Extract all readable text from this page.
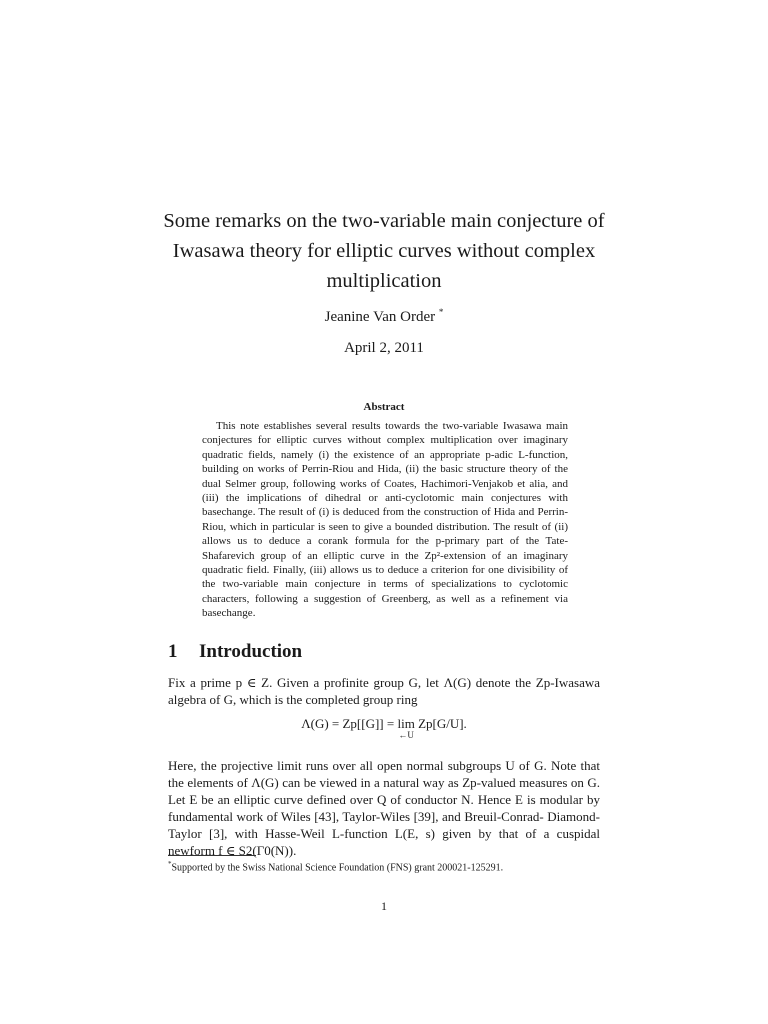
Some remarks on the two-variable main conjecture of Iwasawa theory for elliptic curves without complex multiplication
Jeanine Van Order *
April 2, 2011
Abstract

This note establishes several results towards the two-variable Iwasawa main conjectures for elliptic curves without complex multiplication over imaginary quadratic fields, namely (i) the existence of an appropriate p-adic L-function, building on works of Perrin-Riou and Hida, (ii) the basic structure theory of the dual Selmer group, following works of Coates, Hachimori-Venjakob et alia, and (iii) the implications of dihedral or anti-cyclotomic main conjectures with basechange. The result of (i) is deduced from the construction of Hida and Perrin-Riou, which in particular is seen to give a bounded distribution. The result of (ii) allows us to deduce a corank formula for the p-primary part of the Tate-Shafarevich group of an elliptic curve in the Zp²-extension of an imaginary quadratic field. Finally, (iii) allows us to deduce a criterion for one divisibility of the two-variable main conjecture in terms of specializations to cyclotomic characters, following a suggestion of Greenberg, as well as a refinement via basechange.

1 Introduction

Fix a prime p ∈ Z. Given a profinite group G, let Λ(G) denote the Zp-Iwasawa algebra of G, which is the completed group ring

Λ(G) = Zp[[G]] = lim
←U
Zp[G/U].

Here, the projective limit runs over all open normal subgroups U of G. Note that the elements of Λ(G) can be viewed in a natural way as Zp-valued measures on G. Let E be an elliptic curve defined over Q of conductor N. Hence E is modular by fundamental work of Wiles [43], Taylor-Wiles [39], and Breuil-Conrad- Diamond-Taylor [3], with Hasse-Weil L-function L(E, s) given by that of a cuspidal newform f ∈ S2(Γ0(N)).

*Supported by the Swiss National Science Foundation (FNS) grant 200021-125291.

1
